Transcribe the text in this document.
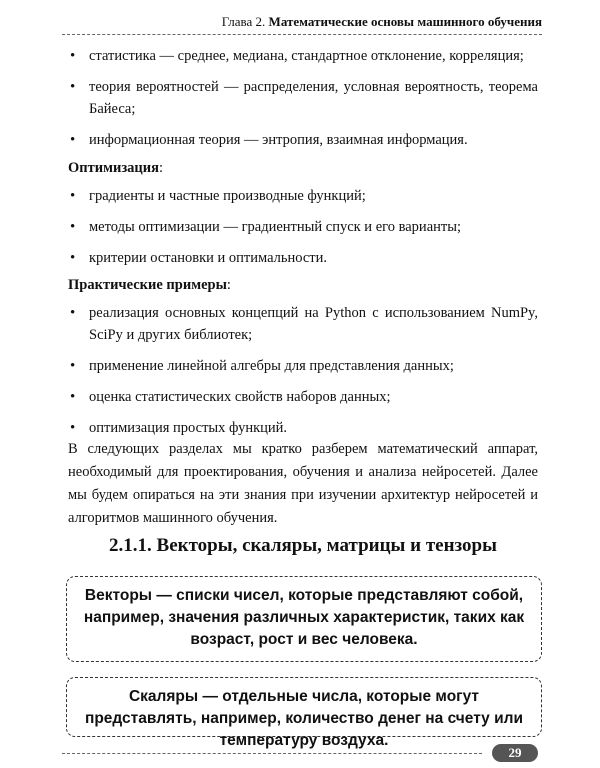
Глава 2. Математические основы машинного обучения
• статистика — среднее, медиана, стандартное отклонение, корреляция;
• теория вероятностей — распределения, условная вероятность, теорема Байеса;
• информационная теория — энтропия, взаимная информация.
Оптимизация:
• градиенты и частные производные функций;
• методы оптимизации — градиентный спуск и его варианты;
• критерии остановки и оптимальности.
Практические примеры:
• реализация основных концепций на Python с использованием NumPy, SciPy и других библиотек;
• применение линейной алгебры для представления данных;
• оценка статистических свойств наборов данных;
• оптимизация простых функций.

В следующих разделах мы кратко разберем математический аппарат, необходимый для проектирования, обучения и анализа нейросетей. Далее мы будем опираться на эти знания при изучении архитектур нейросетей и алгоритмов машинного обучения.

2.1.1. Векторы, скаляры, матрицы и тензоры
Векторы — списки чисел, которые представляют собой, например, значения различных характеристик, таких как возраст, рост и вес человека.
Скаляры — отдельные числа, которые могут представлять, например, количество денег на счету или температуру воздуха.
29
